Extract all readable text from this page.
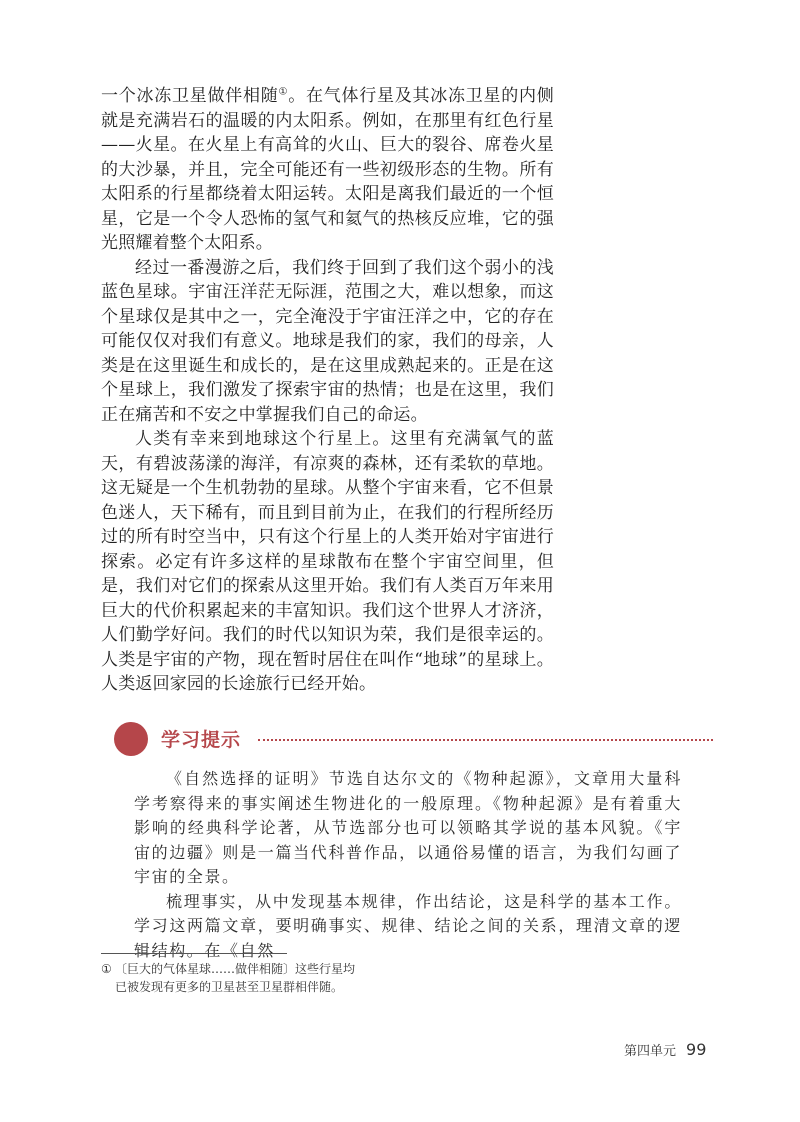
一个冰冻卫星做伴相随①。在气体行星及其冰冻卫星的内侧就是充满岩石的温暖的内太阳系。例如，在那里有红色行星——火星。在火星上有高耸的火山、巨大的裂谷、席卷火星的大沙暴，并且，完全可能还有一些初级形态的生物。所有太阳系的行星都绕着太阳运转。太阳是离我们最近的一个恒星，它是一个令人恐怖的氢气和氦气的热核反应堆，它的强光照耀着整个太阳系。

经过一番漫游之后，我们终于回到了我们这个弱小的浅蓝色星球。宇宙汪洋茫无际涯，范围之大，难以想象，而这个星球仅是其中之一，完全淹没于宇宙汪洋之中，它的存在可能仅仅对我们有意义。地球是我们的家，我们的母亲，人类是在这里诞生和成长的，是在这里成熟起来的。正是在这个星球上，我们激发了探索宇宙的热情；也是在这里，我们正在痛苦和不安之中掌握我们自己的命运。

人类有幸来到地球这个行星上。这里有充满氧气的蓝天，有碧波荡漾的海洋，有凉爽的森林，还有柔软的草地。这无疑是一个生机勃勃的星球。从整个宇宙来看，它不但景色迷人，天下稀有，而且到目前为止，在我们的行程所经历过的所有时空当中，只有这个行星上的人类开始对宇宙进行探索。必定有许多这样的星球散布在整个宇宙空间里，但是，我们对它们的探索从这里开始。我们有人类百万年来用巨大的代价积累起来的丰富知识。我们这个世界人才济济，人们勤学好问。我们的时代以知识为荣，我们是很幸运的。人类是宇宙的产物，现在暂时居住在叫作“地球”的星球上。人类返回家园的长途旅行已经开始。

学习提示

《自然选择的证明》节选自达尔文的《物种起源》，文章用大量科学考察得来的事实阐述生物进化的一般原理。《物种起源》是有着重大影响的经典科学论著，从节选部分也可以领略其学说的基本风貌。《宇宙的边疆》则是一篇当代科普作品，以通俗易懂的语言，为我们勾画了宇宙的全景。

梳理事实，从中发现基本规律，作出结论，这是科学的基本工作。学习这两篇文章，要明确事实、规律、结论之间的关系，理清文章的逻辑结构。在《自然

① 〔巨大的气体星球……做伴相随〕这些行星均已被发现有更多的卫星甚至卫星群相伴随。
第四单元 99
